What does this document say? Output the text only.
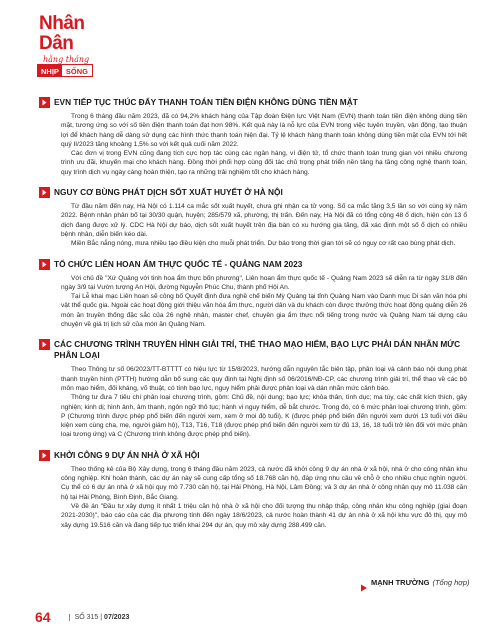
Nhân Dân
hằng tháng
NHỊP SỐNG
EVN TIẾP TỤC THÚC ĐẨY THANH TOÁN TIỀN ĐIỆN KHÔNG DÙNG TIỀN MẶT

Trong 6 tháng đầu năm 2023, đã có 94,2% khách hàng của Tập đoàn Điện lực Việt Nam (EVN) thanh toán tiền điện không dùng tiền mặt, tương ứng so với số tiền điện thanh toán đạt hơn 98%. Kết quả này là nỗ lực của EVN trong việc tuyên truyền, vận động, tạo thuận lợi để khách hàng dễ dàng sử dụng các hình thức thanh toán hiện đại. Tỷ lệ khách hàng thanh toán không dùng tiền mặt của EVN tới hết quý II/2023 tăng khoảng 1,5% so với kết quả cuối năm 2022.

Các đơn vị trong EVN cũng đang tích cực hợp tác cùng các ngân hàng, ví điện tử, tổ chức thanh toán trung gian với nhiều chương trình ưu đãi, khuyến mại cho khách hàng. Đồng thời phối hợp cùng đối tác chủ trọng phát triển nền tảng hạ tầng công nghệ thanh toán, quy trình dịch vụ ngày càng hoàn thiện, tạo ra những trải nghiệm tốt cho khách hàng.

NGUY CƠ BÙNG PHÁT DỊCH SỐT XUẤT HUYẾT Ở HÀ NỘI

Từ đầu năm đến nay, Hà Nội có 1.114 ca mắc sốt xuất huyết, chưa ghi nhận ca tử vong. Số ca mắc tăng 3,5 lần so với cùng kỳ năm 2022. Bệnh nhân phân bố tại 30/30 quận, huyện; 285/579 xã, phường, thị trấn. Đến nay, Hà Nội đã có tổng cộng 48 ổ dịch, hiện còn 13 ổ dịch đang được xử lý. CDC Hà Nội dự báo, dịch sốt xuất huyết trên địa bàn có xu hướng gia tăng, đã xác định một số ổ dịch có nhiều bệnh nhân, diễn biến kéo dài.

Miền Bắc nắng nóng, mưa nhiều tạo điều kiện cho muỗi phát triển. Dự báo trong thời gian tới sẽ có nguy cơ rất cao bùng phát dịch.

TỔ CHỨC LIÊN HOAN ẨM THỰC QUỐC TẾ - QUẢNG NAM 2023

Với chủ đề "Xứ Quảng với tinh hoa ẩm thực bốn phương", Liên hoan ẩm thực quốc tế - Quảng Nam 2023 sẽ diễn ra từ ngày 31/8 đến ngày 3/9 tại Vườn tượng An Hội, đường Nguyễn Phúc Chu, thành phố Hội An.

Tại Lễ khai mạc Liên hoan sẽ công bố Quyết định đưa nghề chế biến Mỳ Quảng tại tỉnh Quảng Nam vào Danh mục Di sản văn hóa phi vật thể quốc gia. Ngoài các hoạt động giới thiệu văn hóa ẩm thực, người dân và du khách còn được thưởng thức hoạt động quảng diễn 26 món ăn truyền thống đặc sắc của 26 nghệ nhân, master chef, chuyên gia ẩm thực nổi tiếng trong nước và Quảng Nam tái dựng câu chuyện về giá trị lịch sử của món ăn Quảng Nam.

CÁC CHƯƠNG TRÌNH TRUYỀN HÌNH GIẢI TRÍ, THỂ THAO MẠO HIỂM, BẠO LỰC PHẢI DÁN NHÃN MỨC PHÂN LOẠI

Theo Thông tư số 06/2023/TT-BTTTT có hiệu lực từ 15/8/2023, hướng dẫn nguyên tắc biên tập, phân loại và cảnh báo nội dung phát thanh truyền hình (PTTH) hướng dẫn bổ sung các quy định tại Nghị định số 06/2016/NĐ-CP, các chương trình giải trí, thể thao về các bộ môn mạo hiểm, đối kháng, võ thuật, có tính bạo lực, nguy hiểm phải được phân loại và dán nhãn mức cảnh báo.

Thông tư đưa 7 tiêu chí phân loại chương trình, gồm: Chủ đề, nội dung; bạo lực; khỏa thân, tình dục; ma túy, các chất kích thích, gây nghiện; kinh dị; hình ảnh, âm thanh, ngôn ngữ thô tục; hành vi nguy hiểm, dễ bắt chước. Trong đó, có 6 mức phân loại chương trình, gồm: P (Chương trình được phép phổ biến đến người xem, xem ở mọi độ tuổi), K (được phép phổ biến đến người xem dưới 13 tuổi với điều kiện xem cùng cha, mẹ, người giám hộ), T13, T16, T18 (được phép phổ biến đến người xem từ đủ 13, 16, 18 tuổi trở lên đối với mức phân loại tương ứng) và C (Chương trình không được phép phổ biến).

KHỞI CÔNG 9 DỰ ÁN NHÀ Ở XÃ HỘI

Theo thống kê của Bộ Xây dựng, trong 6 tháng đầu năm 2023, cả nước đã khởi công 9 dự án nhà ở xã hội, nhà ở cho công nhân khu công nghiệp. Khi hoàn thành, các dự án này sẽ cung cấp tổng số 18.768 căn hộ, đáp ứng nhu cầu về chỗ ở cho nhiều chục nghìn người. Cụ thể có 6 dự án nhà ở xã hội quy mô 7.730 căn hộ, tại Hải Phòng, Hà Nội, Lâm Đồng; và 3 dự án nhà ở công nhân quy mô 11.038 căn hộ tại Hải Phòng, Bình Định, Bắc Giang.

Về đề án "Đầu tư xây dựng ít nhất 1 triệu căn hộ nhà ở xã hội cho đối tượng thu nhập thấp, công nhân khu công nghiệp (giai đoạn 2021-2030)", báo cáo của các địa phương tính đến ngày 18/6/2023, cả nước hoàn thành 41 dự án nhà ở xã hội khu vực đô thị, quy mô xây dựng 19.516 căn và đang tiếp tục triển khai 294 dự án, quy mô xây dựng 288.499 căn.

MẠNH TRƯỜNG (Tổng hợp)
64	SỐ 315 | 07/2023
